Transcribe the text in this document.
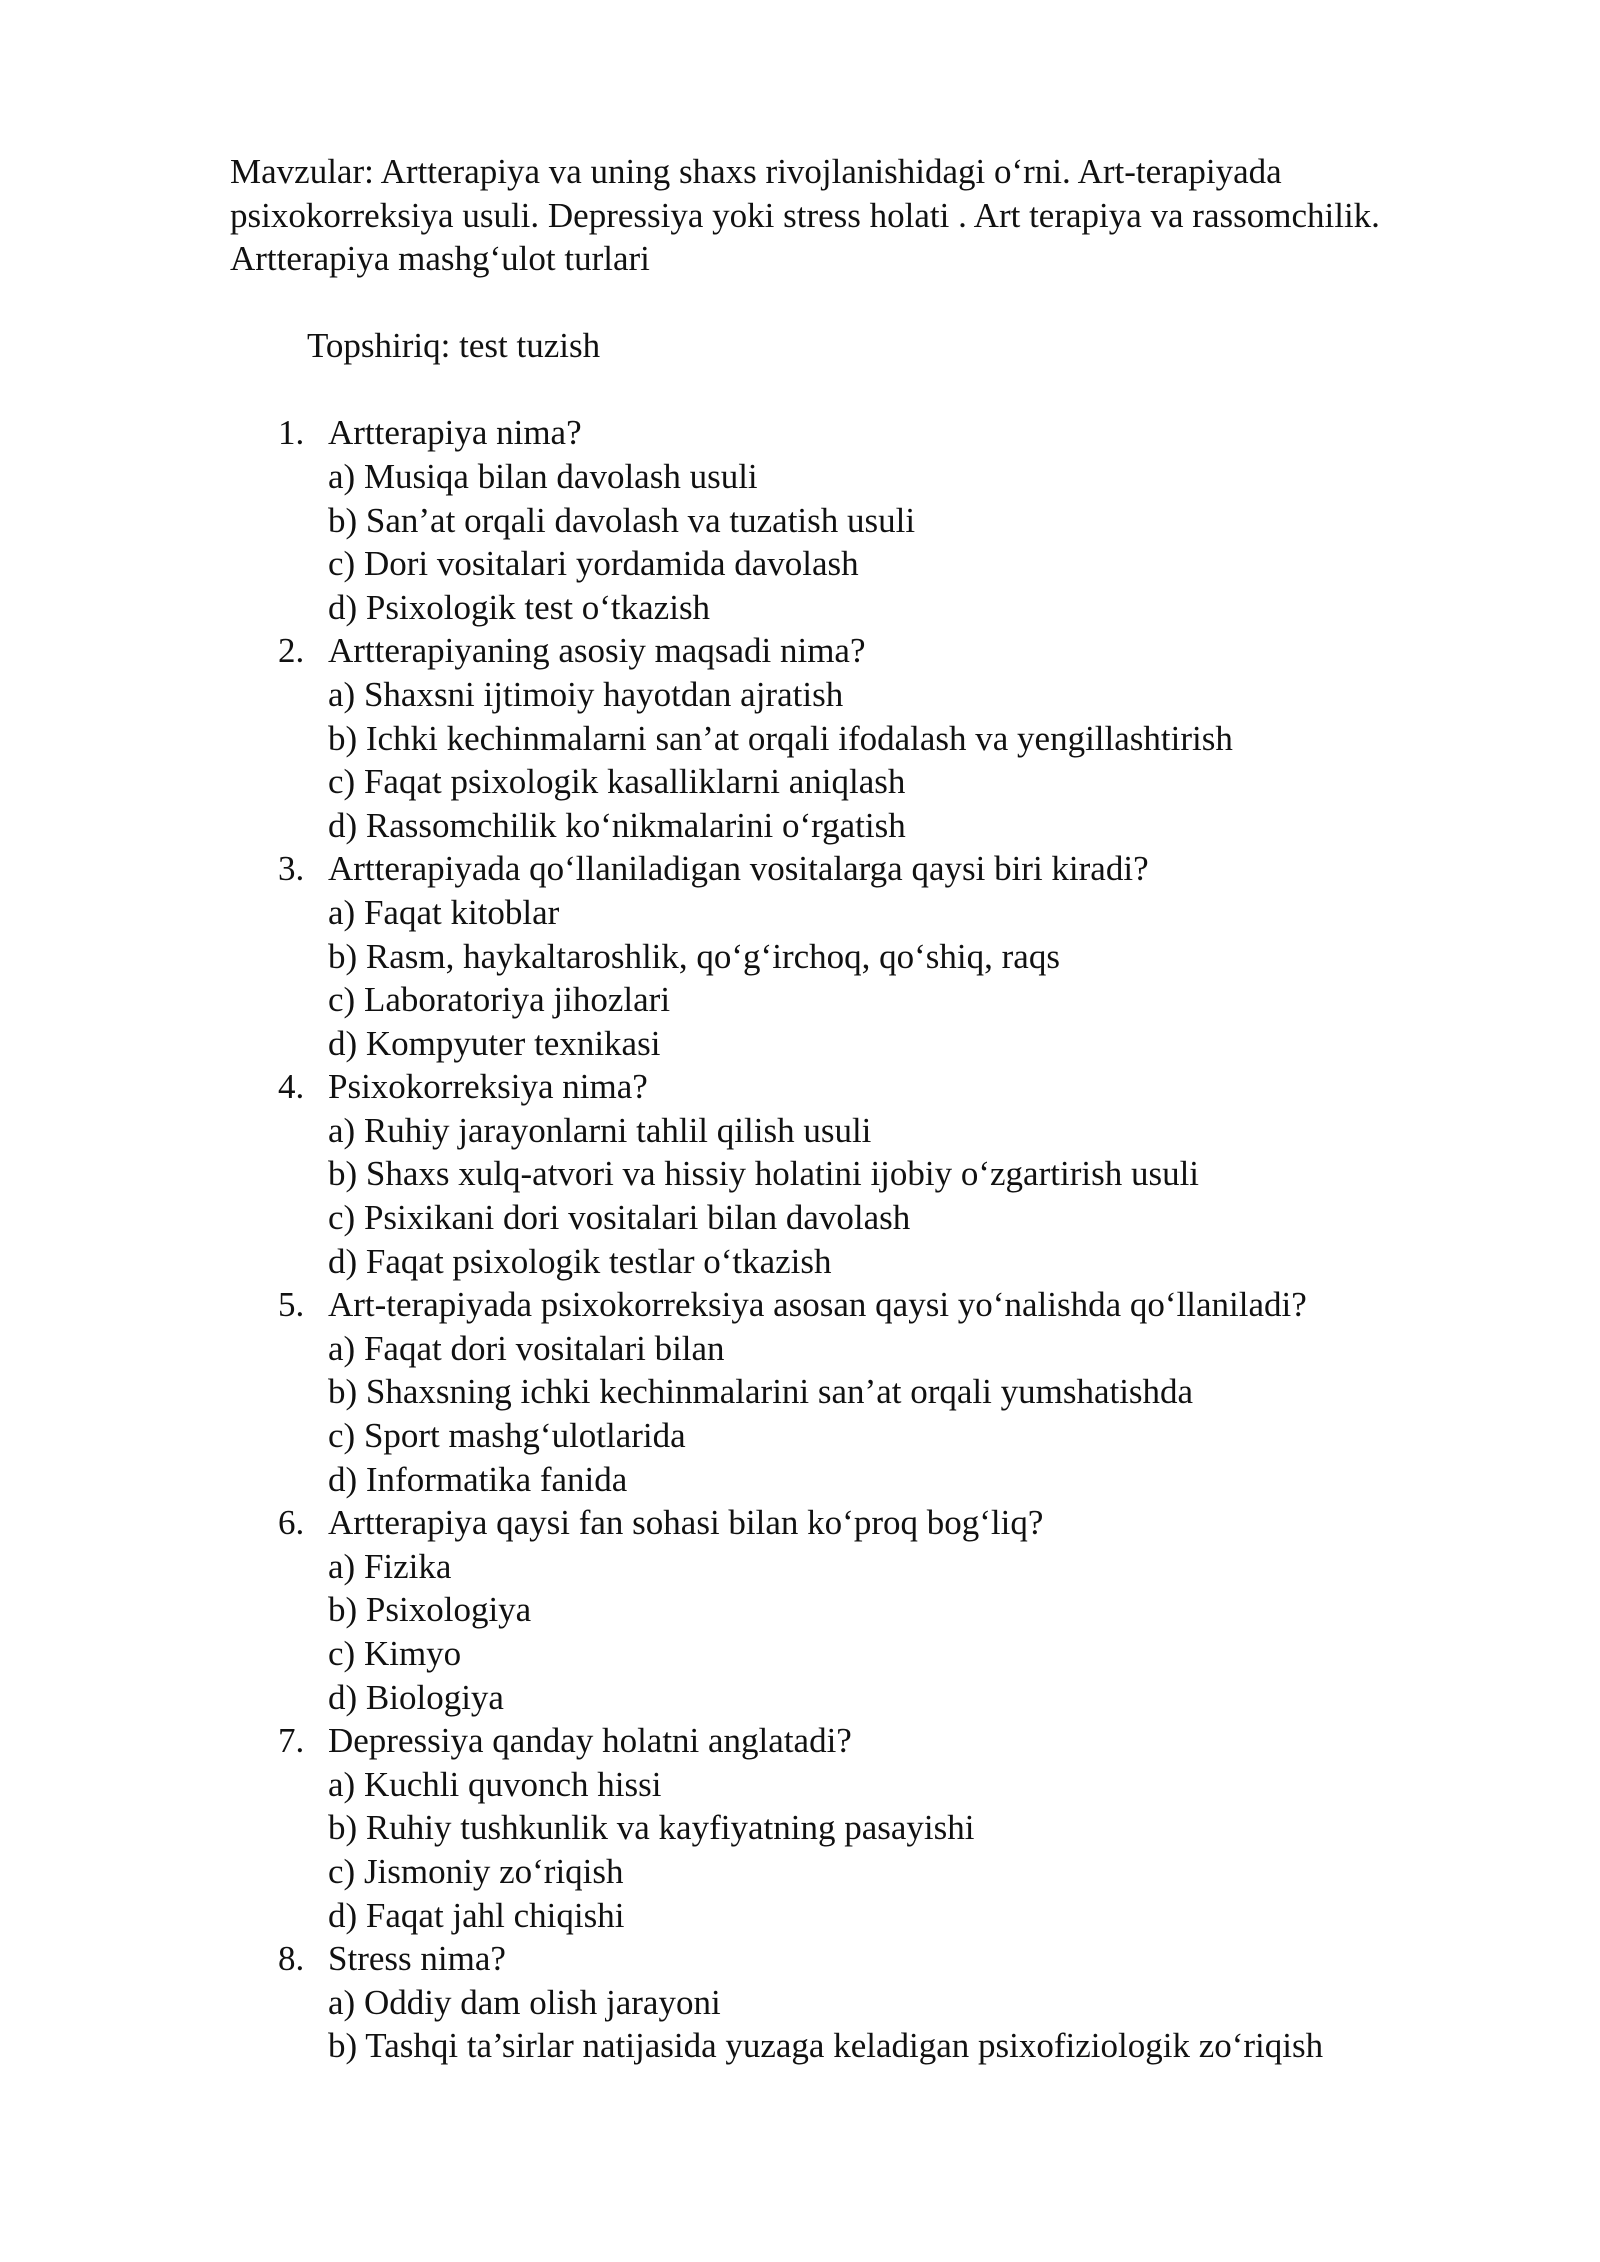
Mavzular: Artterapiya va uning shaxs rivojlanishidagi o‘rni. Art-terapiyada psixokorreksiya usuli. Depressiya yoki stress holati . Art terapiya va rassomchilik. Artterapiya mashg‘ulot turlari

Topshiriq: test tuzish
1. Artterapiya nima?
a) Musiqa bilan davolash usuli
b) San’at orqali davolash va tuzatish usuli
c) Dori vositalari yordamida davolash
d) Psixologik test o‘tkazish
2. Artterapiyaning asosiy maqsadi nima?
a) Shaxsni ijtimoiy hayotdan ajratish
b) Ichki kechinmalarni san’at orqali ifodalash va yengillashtirish
c) Faqat psixologik kasalliklarni aniqlash
d) Rassomchilik ko‘nikmalarini o‘rgatish
3. Artterapiyada qo‘llaniladigan vositalarga qaysi biri kiradi?
a) Faqat kitoblar
b) Rasm, haykaltaroshlik, qo‘g‘irchoq, qo‘shiq, raqs
c) Laboratoriya jihozlari
d) Kompyuter texnikasi
4. Psixokorreksiya nima?
a) Ruhiy jarayonlarni tahlil qilish usuli
b) Shaxs xulq-atvori va hissiy holatini ijobiy o‘zgartirish usuli
c) Psixikani dori vositalari bilan davolash
d) Faqat psixologik testlar o‘tkazish
5. Art-terapiyada psixokorreksiya asosan qaysi yo‘nalishda qo‘llaniladi?
a) Faqat dori vositalari bilan
b) Shaxsning ichki kechinmalarini san’at orqali yumshatishda
c) Sport mashg‘ulotlarida
d) Informatika fanida
6. Artterapiya qaysi fan sohasi bilan ko‘proq bog‘liq?
a) Fizika
b) Psixologiya
c) Kimyo
d) Biologiya
7. Depressiya qanday holatni anglatadi?
a) Kuchli quvonch hissi
b) Ruhiy tushkunlik va kayfiyatning pasayishi
c) Jismoniy zo‘riqish
d) Faqat jahl chiqishi
8. Stress nima?
a) Oddiy dam olish jarayoni
b) Tashqi ta’sirlar natijasida yuzaga keladigan psixofiziologik zo‘riqish
